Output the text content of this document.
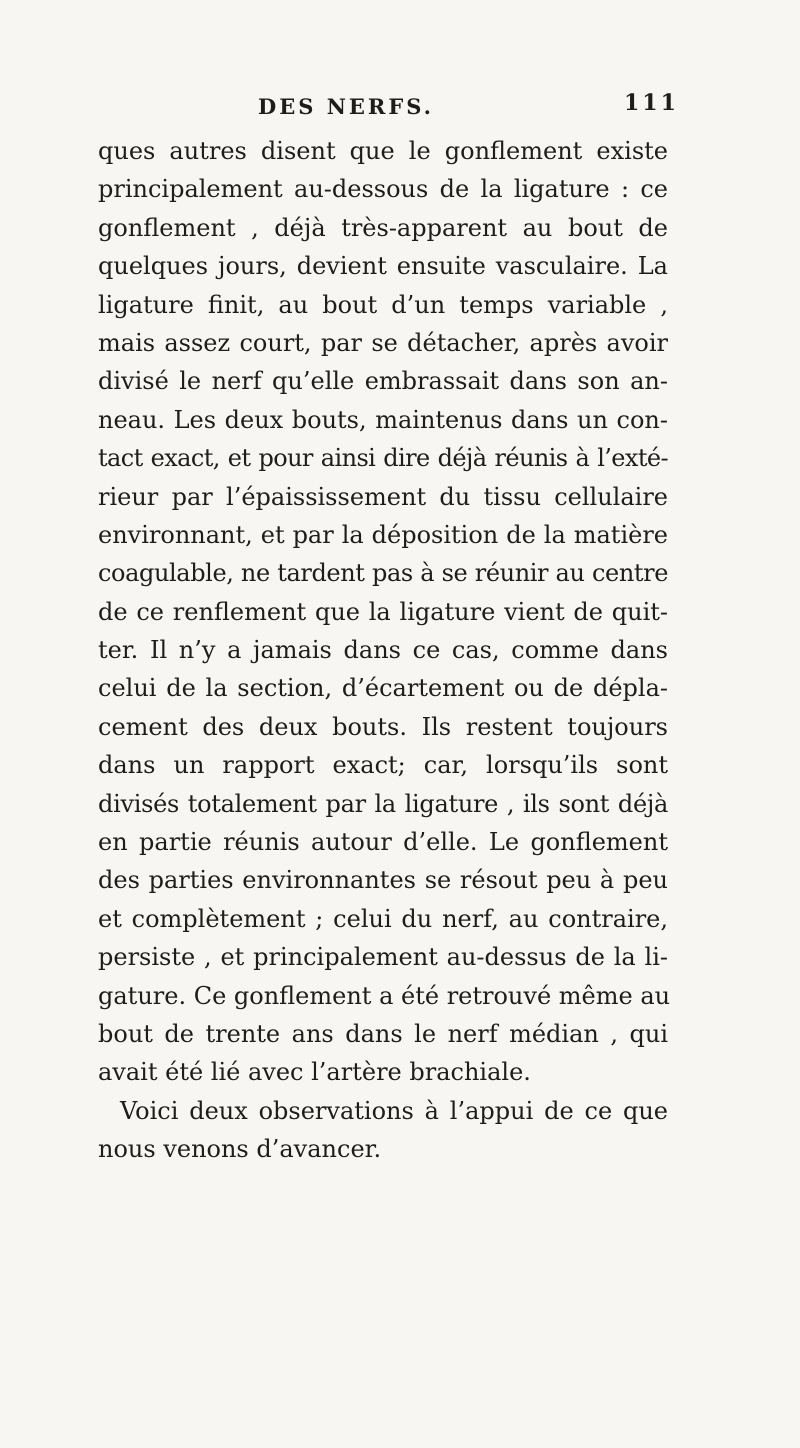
DES NERFS.	111
ques autres disent que le gonflement existe
principalement au-dessous de la ligature : ce
gonflement , déjà très-apparent au bout de
quelques jours, devient ensuite vasculaire. La
ligature finit, au bout d’un temps variable ,
mais assez court, par se détacher, après avoir
divisé le nerf qu’elle embrassait dans son an-
neau. Les deux bouts, maintenus dans un con-
tact exact, et pour ainsi dire déjà réunis à l’exté-
rieur par l’épaississement du tissu cellulaire
environnant, et par la déposition de la matière
coagulable, ne tardent pas à se réunir au centre
de ce renflement que la ligature vient de quit-
ter. Il n’y a jamais dans ce cas, comme dans
celui de la section, d’écartement ou de dépla-
cement des deux bouts. Ils restent toujours
dans un rapport exact; car, lorsqu’ils sont
divisés totalement par la ligature , ils sont déjà
en partie réunis autour d’elle. Le gonflement
des parties environnantes se résout peu à peu
et complètement ; celui du nerf, au contraire,
persiste , et principalement au-dessus de la li-
gature. Ce gonflement a été retrouvé même au
bout de trente ans dans le nerf médian , qui
avait été lié avec l’artère brachiale.
Voici deux observations à l’appui de ce que
nous venons d’avancer.
